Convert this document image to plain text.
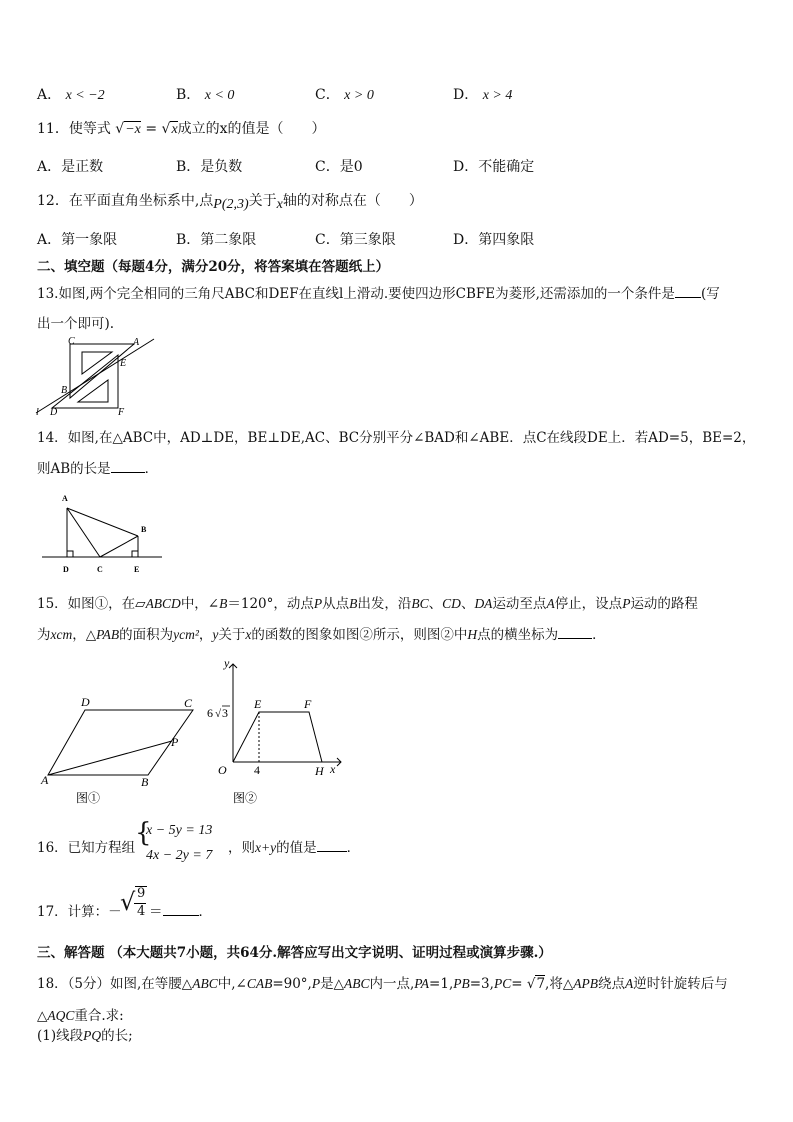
A． x < −2	B． x < 0	C． x > 0	D． x > 4
11．使等式 √−x = √x成立的x的值是（　　）
A．是正数	B．是负数	C．是0	D．不能确定
12．在平面直角坐标系中,点P(2,3)关于x轴的对称点在（　　）
A．第一象限	B．第二象限	C．第三象限	D．第四象限
二、填空题（每题4分，满分20分，将答案填在答题纸上）
13.如图,两个完全相同的三角尺ABC和DEF在直线l上滑动.要使四边形CBFE为菱形,还需添加的一个条件是 (写
出一个即可).
C	A
E
B
l D	F
14．如图,在△ABC中，AD⊥DE，BE⊥DE,AC、BC分别平分∠BAD和∠ABE．点C在线段DE上．若AD=5，BE=2，
则AB的长是	．
A
B
D	C	E
15．如图①，在▱ABCD中，∠B＝120°，动点P从点B出发，沿BC、CD、DA运动至点A停止，设点P运动的路程
为xcm，△PAB的面积为ycm²，y关于x的函数的图象如图②所示，则图②中H点的横坐标为	．
D	C
P
A	B
图①
y
E	F
6 √ 3
O 4	H x
图②
16．已知方程组 {
x − 5y = 13
4x − 2y = 7 ，则x+y的值是 ．
17．计算：－
√ 9
4 ＝	．
三、解答题 （本大题共7小题，共64分.解答应写出文字说明、证明过程或演算步骤.）
18．（5分）如图,在等腰△ABC中,∠CAB=90°,P是△ABC内一点,PA=1,PB=3,PC= √7,将△APB绕点A逆时针旋转后与
△AQC重合.求:
(1)线段PQ的长;
